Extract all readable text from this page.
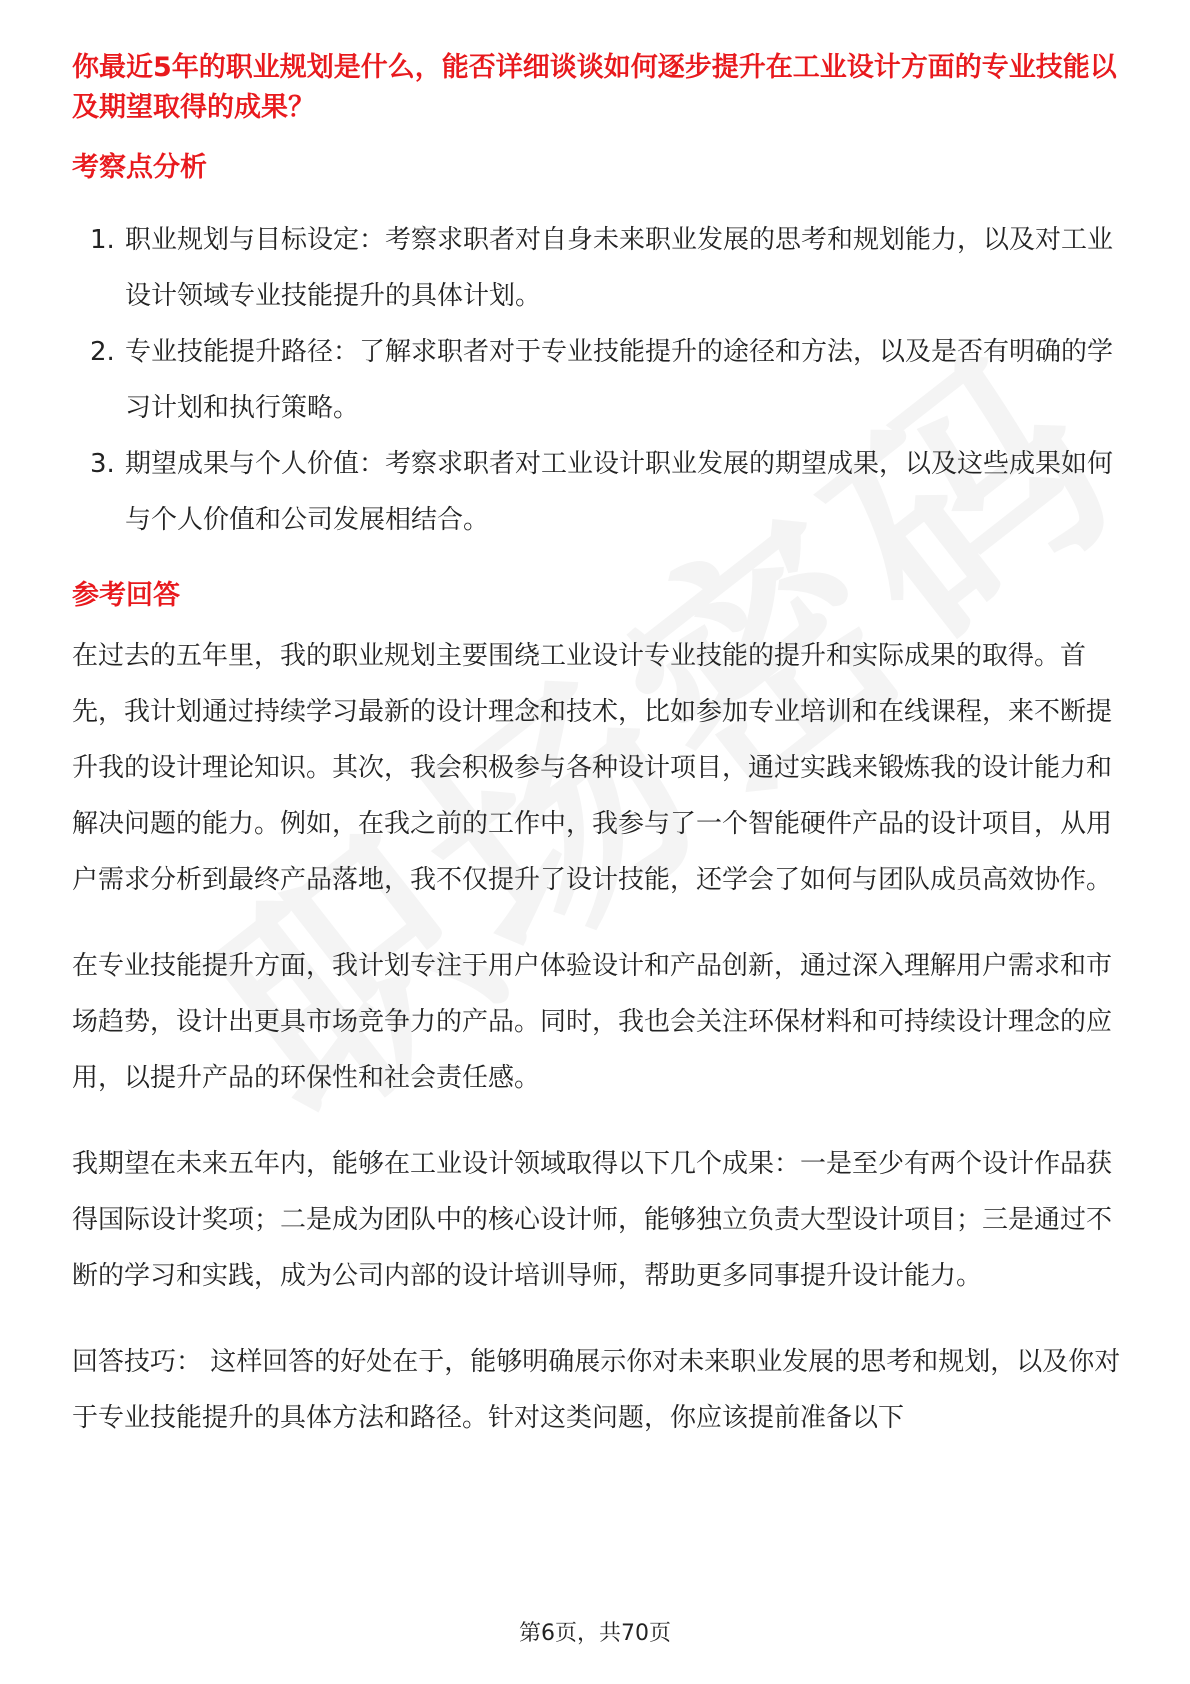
你最近5年的职业规划是什么，能否详细谈谈如何逐步提升在工业设计方面的专业技能以及期望取得的成果？

考察点分析
1. 职业规划与目标设定：考察求职者对自身未来职业发展的思考和规划能力，以及对工业设计领域专业技能提升的具体计划。
2. 专业技能提升路径：了解求职者对于专业技能提升的途径和方法，以及是否有明确的学习计划和执行策略。
3. 期望成果与个人价值：考察求职者对工业设计职业发展的期望成果，以及这些成果如何与个人价值和公司发展相结合。
参考回答

在过去的五年里，我的职业规划主要围绕工业设计专业技能的提升和实际成果的取得。首先，我计划通过持续学习最新的设计理念和技术，比如参加专业培训和在线课程，来不断提升我的设计理论知识。其次，我会积极参与各种设计项目，通过实践来锻炼我的设计能力和解决问题的能力。例如，在我之前的工作中，我参与了一个智能硬件产品的设计项目，从用户需求分析到最终产品落地，我不仅提升了设计技能，还学会了如何与团队成员高效协作。

在专业技能提升方面，我计划专注于用户体验设计和产品创新，通过深入理解用户需求和市场趋势，设计出更具市场竞争力的产品。同时，我也会关注环保材料和可持续设计理念的应用，以提升产品的环保性和社会责任感。

我期望在未来五年内，能够在工业设计领域取得以下几个成果：一是至少有两个设计作品获得国际设计奖项；二是成为团队中的核心设计师，能够独立负责大型设计项目；三是通过不断的学习和实践，成为公司内部的设计培训导师，帮助更多同事提升设计能力。

回答技巧： 这样回答的好处在于，能够明确展示你对未来职业发展的思考和规划，以及你对于专业技能提升的具体方法和路径。针对这类问题，你应该提前准备以下

第6页，共70页
